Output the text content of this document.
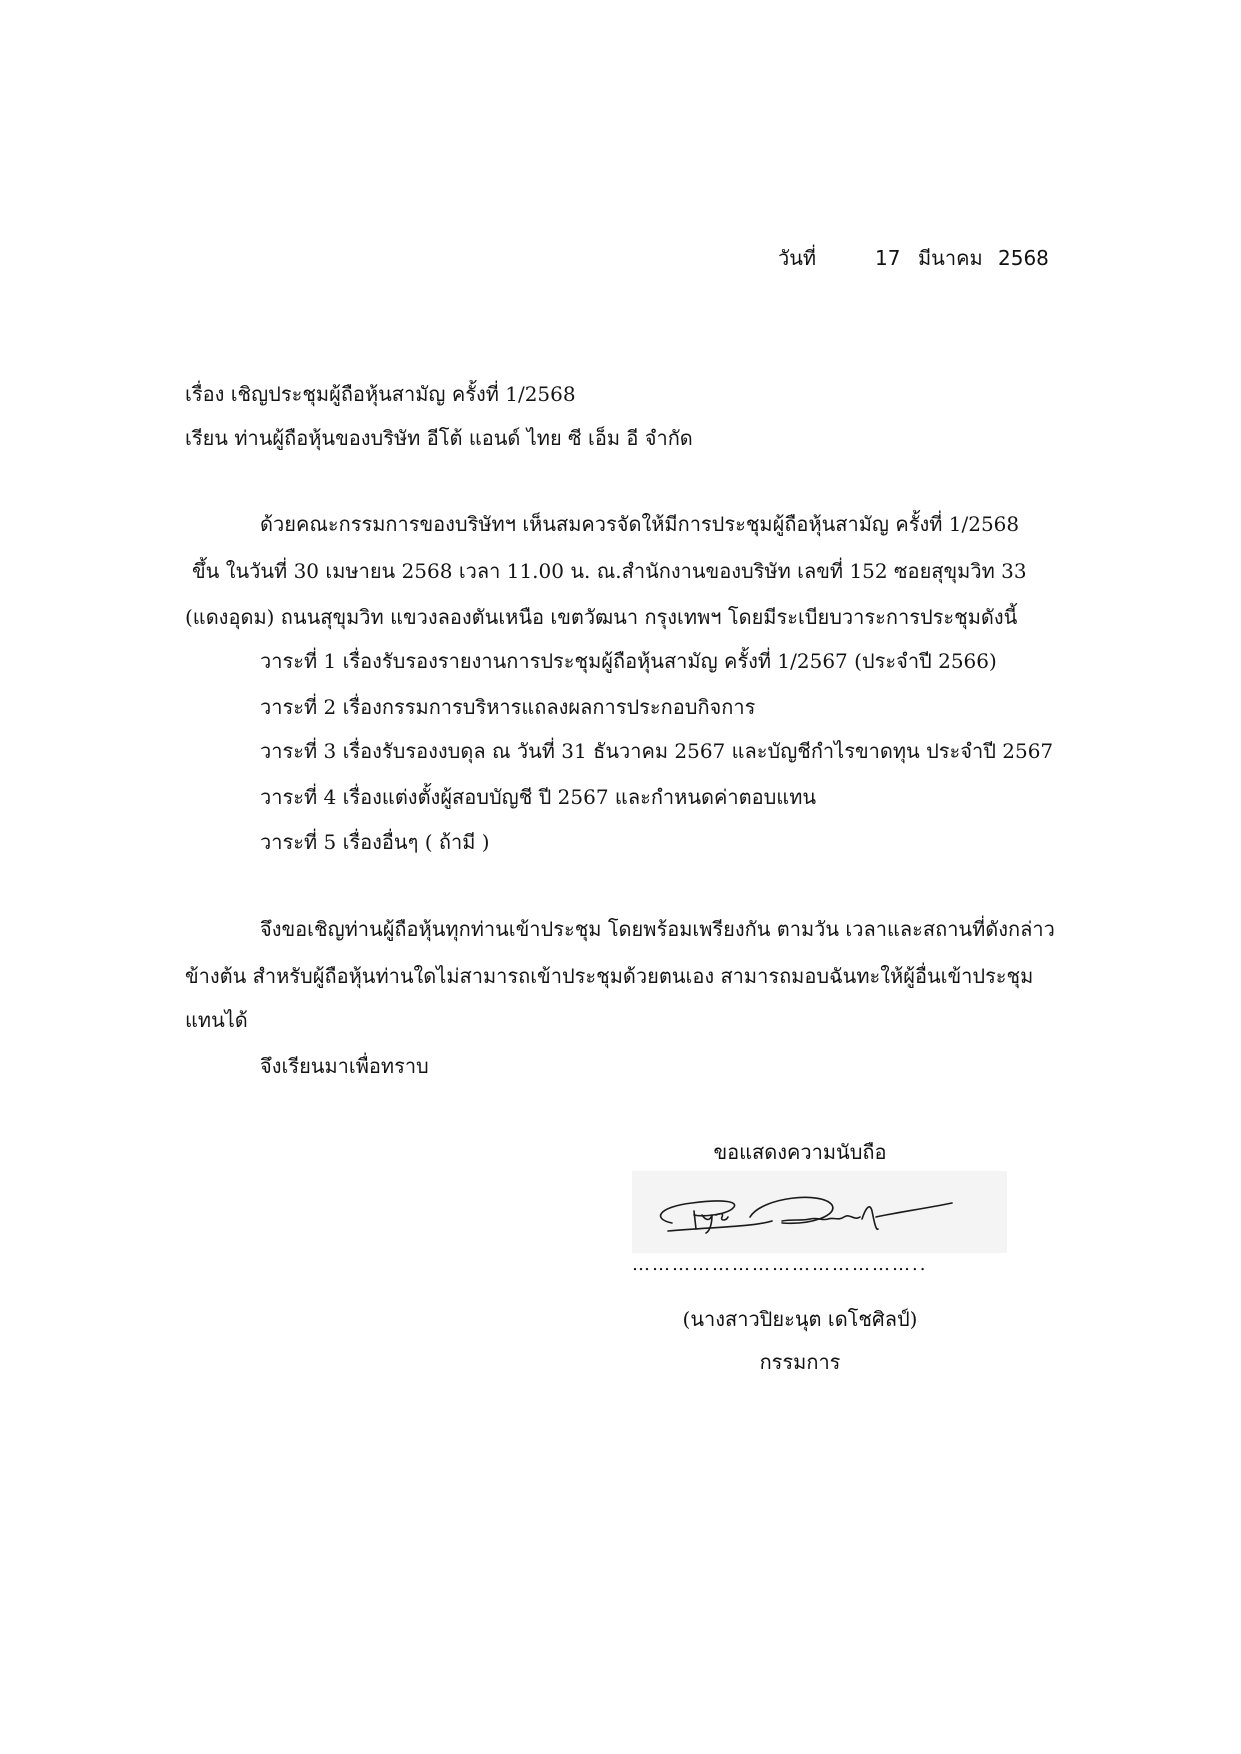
วันที่	17 มีนาคม 2568
เรื่อง เชิญประชุมผู้ถือหุ้นสามัญ ครั้งที่ 1/2568
เรียน ท่านผู้ถือหุ้นของบริษัท อีโต้ แอนด์ ไทย ซี เอ็ม อี จำกัด
ด้วยคณะกรรมการของบริษัทฯ เห็นสมควรจัดให้มีการประชุมผู้ถือหุ้นสามัญ ครั้งที่ 1/2568
ขึ้น ในวันที่ 30 เมษายน 2568 เวลา 11.00 น. ณ.สำนักงานของบริษัท เลขที่ 152 ซอยสุขุมวิท 33
(แดงอุดม) ถนนสุขุมวิท แขวงลองตันเหนือ เขตวัฒนา กรุงเทพฯ โดยมีระเบียบวาระการประชุมดังนี้
วาระที่ 1 เรื่องรับรองรายงานการประชุมผู้ถือหุ้นสามัญ ครั้งที่ 1/2567 (ประจำปี 2566)
วาระที่ 2 เรื่องกรรมการบริหารแถลงผลการประกอบกิจการ
วาระที่ 3 เรื่องรับรองงบดุล ณ วันที่ 31 ธันวาคม 2567 และบัญชีกำไรขาดทุน ประจำปี 2567
วาระที่ 4 เรื่องแต่งตั้งผู้สอบบัญชี ปี 2567 และกำหนดค่าตอบแทน
วาระที่ 5 เรื่องอื่นๆ ( ถ้ามี )
จึงขอเชิญท่านผู้ถือหุ้นทุกท่านเข้าประชุม โดยพร้อมเพรียงกัน ตามวัน เวลาและสถานที่ดังกล่าว
ข้างต้น สำหรับผู้ถือหุ้นท่านใดไม่สามารถเข้าประชุมด้วยตนเอง สามารถมอบฉันทะให้ผู้อื่นเข้าประชุม
แทนได้
จึงเรียนมาเพื่อทราบ
ขอแสดงความนับถือ
……………………………………..
(นางสาวปิยะนุต เดโชศิลป์)
กรรมการ
